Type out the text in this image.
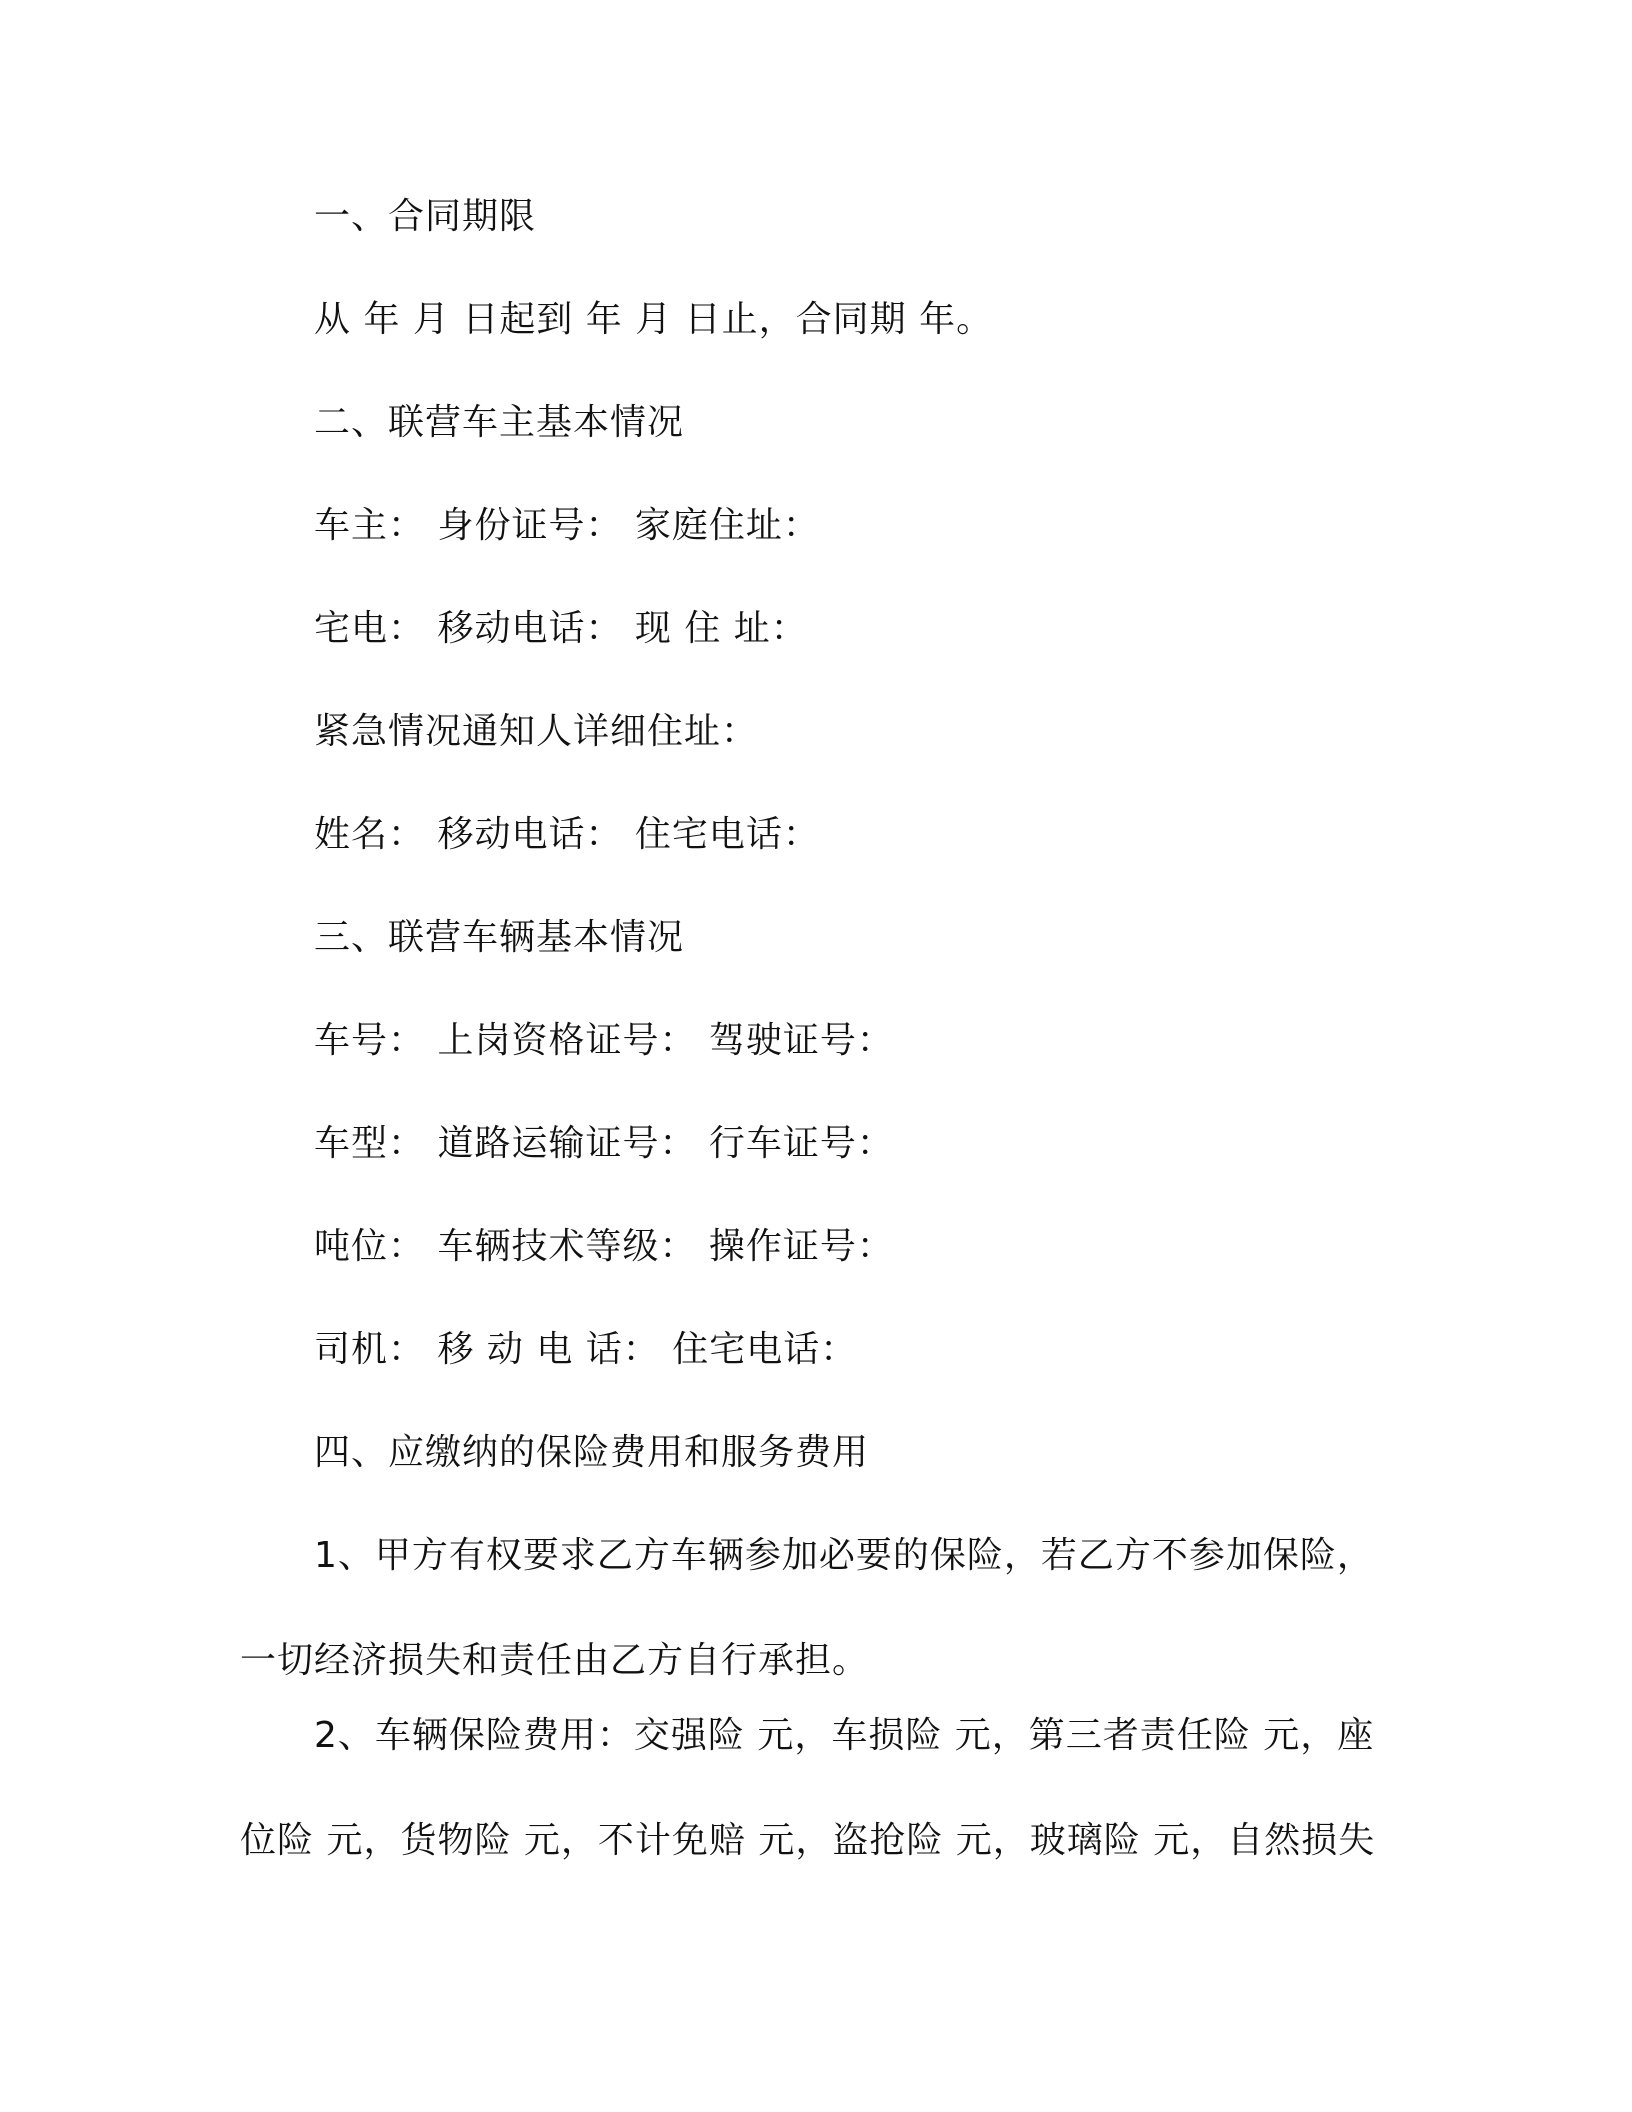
一、合同期限
从 年 月 日起到 年 月 日止，合同期 年。
二、联营车主基本情况
车主： 身份证号： 家庭住址：
宅电： 移动电话： 现 住 址：
紧急情况通知人详细住址：
姓名： 移动电话： 住宅电话：
三、联营车辆基本情况
车号： 上岗资格证号： 驾驶证号：
车型： 道路运输证号： 行车证号：
吨位： 车辆技术等级： 操作证号：
司机： 移 动 电 话： 住宅电话：
四、应缴纳的保险费用和服务费用
1、甲方有权要求乙方车辆参加必要的保险，若乙方不参加保险，
一切经济损失和责任由乙方自行承担。
2、车辆保险费用：交强险 元，车损险 元，第三者责任险 元，座
位险 元，货物险 元，不计免赔 元，盗抢险 元，玻璃险 元，自然损失
